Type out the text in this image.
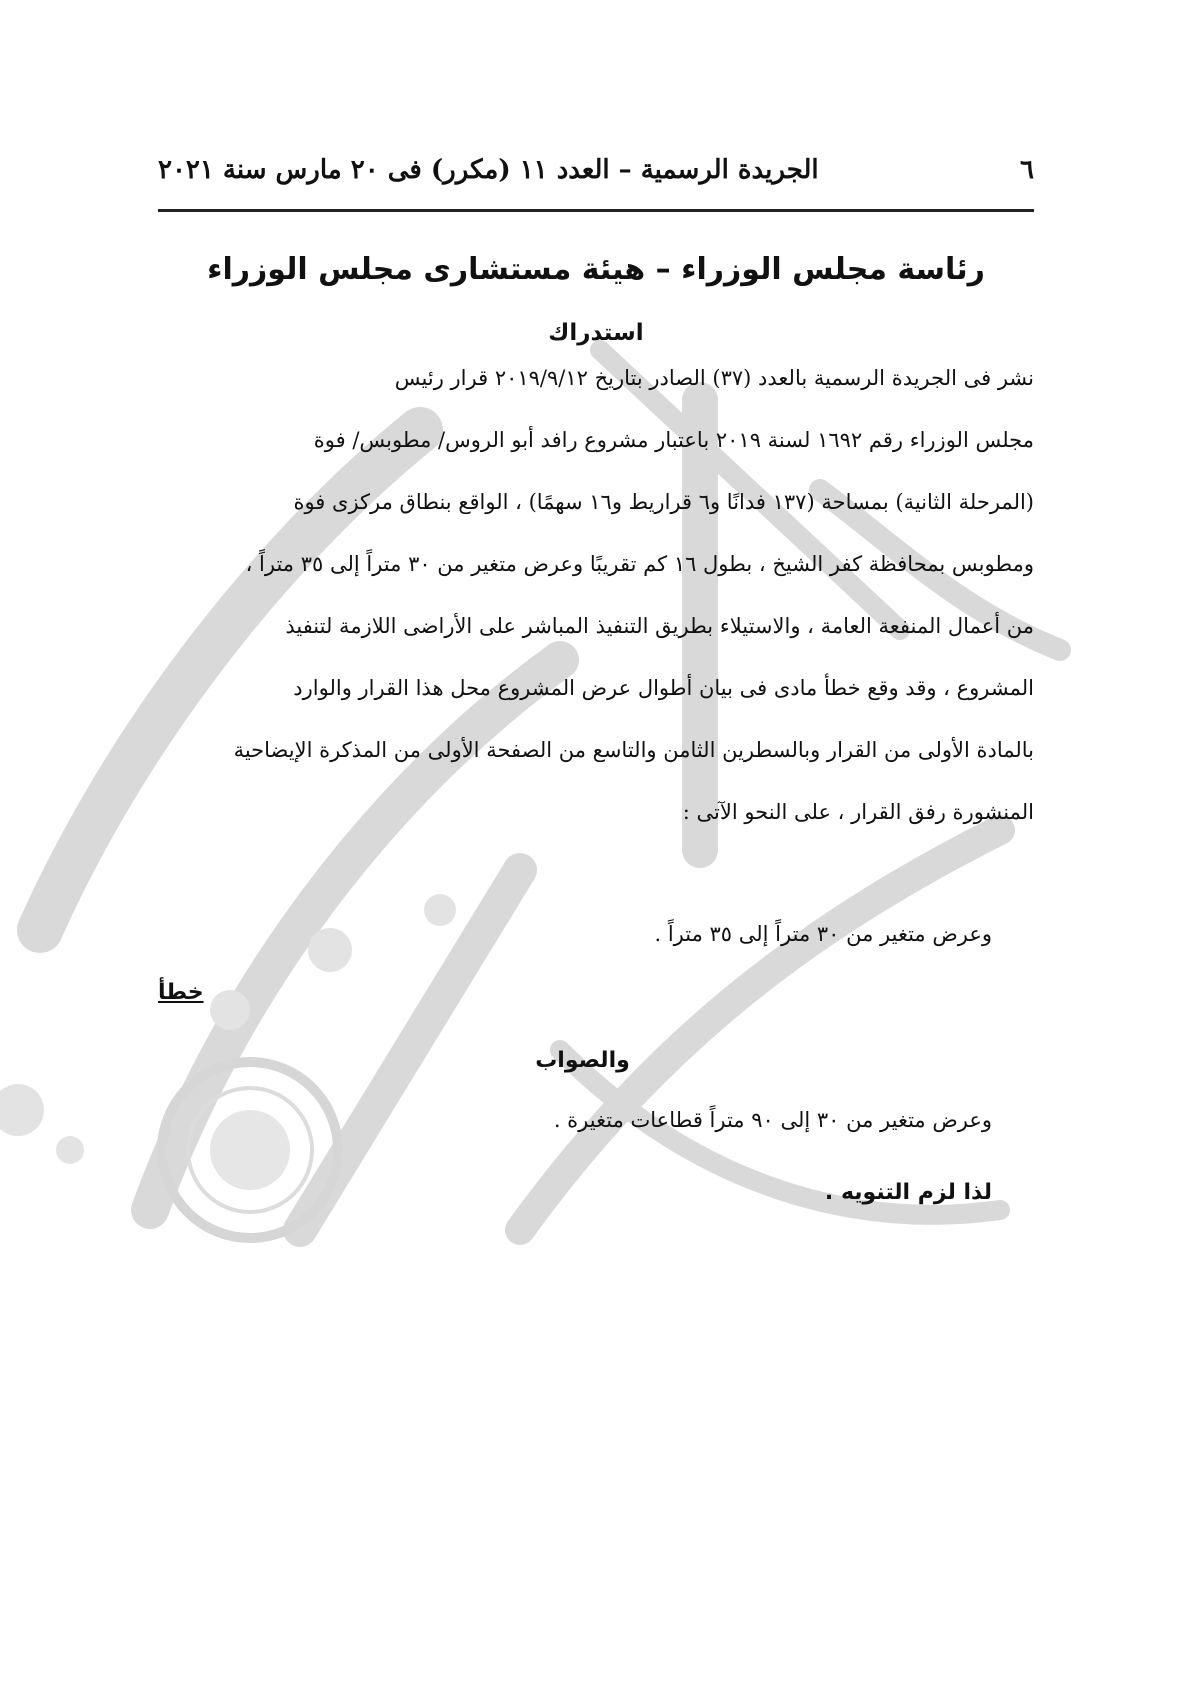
٦
الجريدة الرسمية – العدد ١١ (مكرر) فى ٢٠ مارس سنة ٢٠٢١
رئاسة مجلس الوزراء – هيئة مستشارى مجلس الوزراء
استدراك
نشر فى الجريدة الرسمية بالعدد (٣٧) الصادر بتاريخ ٢٠١٩/٩/١٢ قرار رئيس
مجلس الوزراء رقم ١٦٩٢ لسنة ٢٠١٩ باعتبار مشروع رافد أبو الروس/ مطوبس/ فوة
(المرحلة الثانية) بمساحة (١٣٧ فدانًا و٦ قراريط و١٦ سهمًا) ، الواقع بنطاق مركزى فوة
ومطوبس بمحافظة كفر الشيخ ، بطول ١٦ كم تقريبًا وعرض متغير من ٣٠ متراً إلى ٣٥ متراً ،
من أعمال المنفعة العامة ، والاستيلاء بطريق التنفيذ المباشر على الأراضى اللازمة لتنفيذ
المشروع ، وقد وقع خطأ مادى فى بيان أطوال عرض المشروع محل هذا القرار والوارد
بالمادة الأولى من القرار وبالسطرين الثامن والتاسع من الصفحة الأولى من المذكرة الإيضاحية
المنشورة رفق القرار ، على النحو الآتى :
وعرض متغير من ٣٠ متراً إلى ٣٥ متراً .
خطأ
والصواب
وعرض متغير من ٣٠ إلى ٩٠ متراً قطاعات متغيرة .
لذا لزم التنويه .
